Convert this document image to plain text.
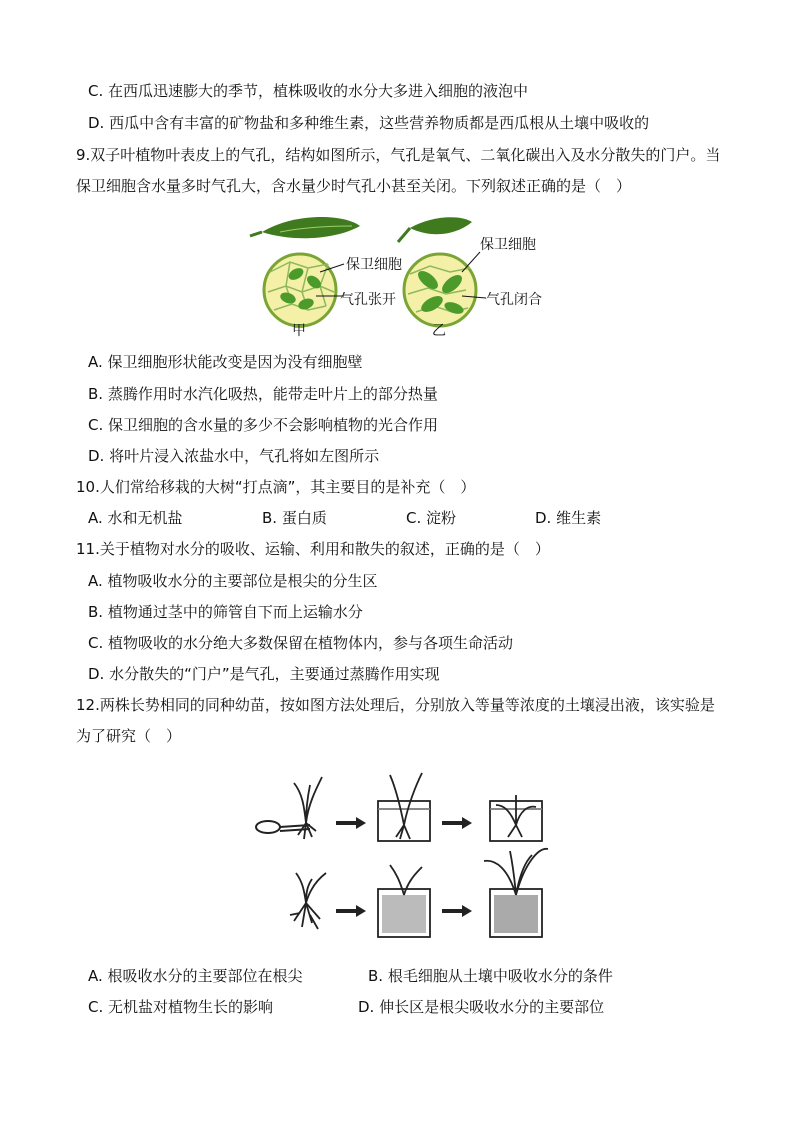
C. 在西瓜迅速膨大的季节，植株吸收的水分大多进入细胞的液泡中
D. 西瓜中含有丰富的矿物盐和多种维生素，这些营养物质都是西瓜根从土壤中吸收的
9.双子叶植物叶表皮上的气孔，结构如图所示，气孔是氧气、二氧化碳出入及水分散失的门户。当保卫细胞含水量多时气孔大，含水量少时气孔小甚至关闭。下列叙述正确的是（　）
保卫细胞
气孔张开
甲
保卫细胞
气孔闭合
乙
A. 保卫细胞形状能改变是因为没有细胞壁
B. 蒸腾作用时水汽化吸热，能带走叶片上的部分热量
C. 保卫细胞的含水量的多少不会影响植物的光合作用
D. 将叶片浸入浓盐水中，气孔将如左图所示
10.人们常给移栽的大树“打点滴”，其主要目的是补充（　）
A. 水和无机盐	B. 蛋白质	C. 淀粉	D. 维生素
11.关于植物对水分的吸收、运输、利用和散失的叙述，正确的是（　）
A. 植物吸收水分的主要部位是根尖的分生区
B. 植物通过茎中的筛管自下而上运输水分
C. 植物吸收的水分绝大多数保留在植物体内，参与各项生命活动
D. 水分散失的“门户”是气孔，主要通过蒸腾作用实现
12.两株长势相同的同种幼苗，按如图方法处理后，分别放入等量等浓度的土壤浸出液，该实验是为了研究（　）
A. 根吸收水分的主要部位在根尖	B. 根毛细胞从土壤中吸收水分的条件
C. 无机盐对植物生长的影响	D. 伸长区是根尖吸收水分的主要部位
